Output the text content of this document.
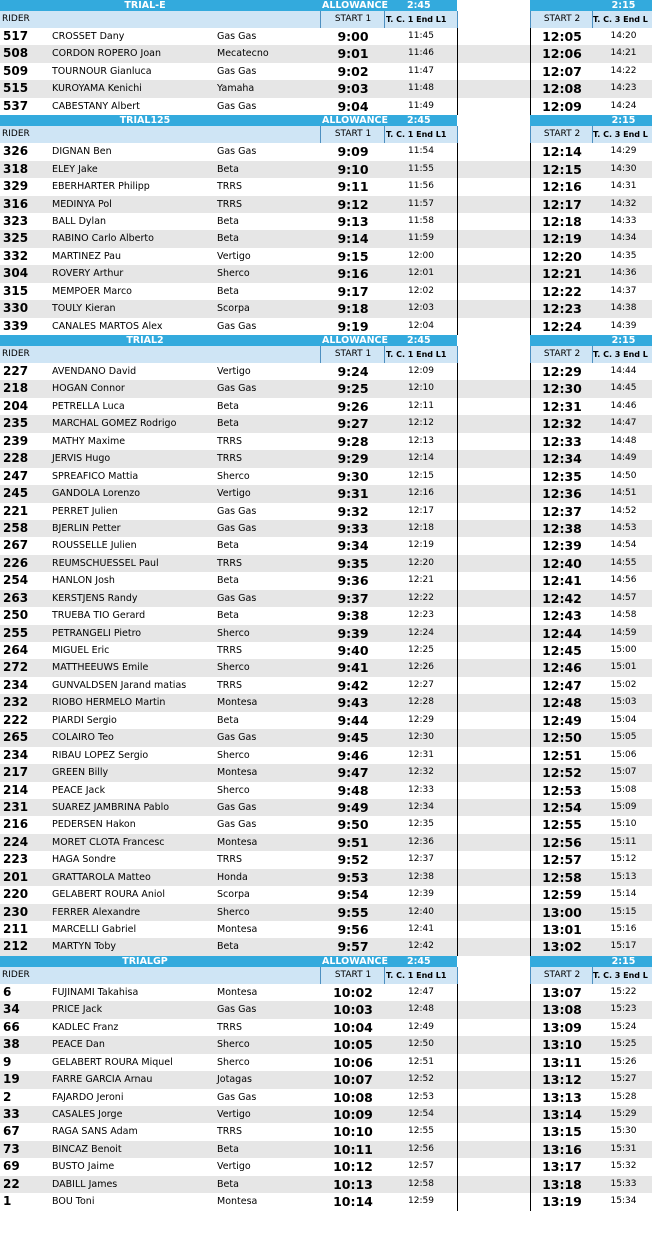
TRIAL-E	ALLOWANCE 2:45	2:15
RIDER	START 1	T. C. 1 End L1	START 2	T. C. 3 End L
517	CROSSET Dany	Gas Gas	9:00	11:45	12:05	14:20
508	CORDON ROPERO Joan	Mecatecno	9:01	11:46	12:06	14:21
509	TOURNOUR Gianluca	Gas Gas	9:02	11:47	12:07	14:22
515	KUROYAMA Kenichi	Yamaha	9:03	11:48	12:08	14:23
537	CABESTANY Albert	Gas Gas	9:04	11:49	12:09	14:24
TRIAL125	ALLOWANCE 2:45	2:15
RIDER	START 1	T. C. 1 End L1	START 2	T. C. 3 End L
326	DIGNAN Ben	Gas Gas	9:09	11:54	12:14	14:29
318	ELEY Jake	Beta	9:10	11:55	12:15	14:30
329	EBERHARTER Philipp	TRRS	9:11	11:56	12:16	14:31
316	MEDINYA Pol	TRRS	9:12	11:57	12:17	14:32
323	BALL Dylan	Beta	9:13	11:58	12:18	14:33
325	RABINO Carlo Alberto	Beta	9:14	11:59	12:19	14:34
332	MARTINEZ Pau	Vertigo	9:15	12:00	12:20	14:35
304	ROVERY Arthur	Sherco	9:16	12:01	12:21	14:36
315	MEMPOER Marco	Beta	9:17	12:02	12:22	14:37
330	TOULY Kieran	Scorpa	9:18	12:03	12:23	14:38
339	CANALES MARTOS Alex	Gas Gas	9:19	12:04	12:24	14:39
TRIAL2	ALLOWANCE 2:45	2:15
RIDER	START 1	T. C. 1 End L1	START 2	T. C. 3 End L
227	AVENDANO David	Vertigo	9:24	12:09	12:29	14:44
218	HOGAN Connor	Gas Gas	9:25	12:10	12:30	14:45
204	PETRELLA Luca	Beta	9:26	12:11	12:31	14:46
235	MARCHAL GOMEZ Rodrigo	Beta	9:27	12:12	12:32	14:47
239	MATHY Maxime	TRRS	9:28	12:13	12:33	14:48
228	JERVIS Hugo	TRRS	9:29	12:14	12:34	14:49
247	SPREAFICO Mattia	Sherco	9:30	12:15	12:35	14:50
245	GANDOLA Lorenzo	Vertigo	9:31	12:16	12:36	14:51
221	PERRET Julien	Gas Gas	9:32	12:17	12:37	14:52
258	BJERLIN Petter	Gas Gas	9:33	12:18	12:38	14:53
267	ROUSSELLE Julien	Beta	9:34	12:19	12:39	14:54
226	REUMSCHUESSEL Paul	TRRS	9:35	12:20	12:40	14:55
254	HANLON Josh	Beta	9:36	12:21	12:41	14:56
263	KERSTJENS Randy	Gas Gas	9:37	12:22	12:42	14:57
250	TRUEBA TIO Gerard	Beta	9:38	12:23	12:43	14:58
255	PETRANGELI Pietro	Sherco	9:39	12:24	12:44	14:59
264	MIGUEL Eric	TRRS	9:40	12:25	12:45	15:00
272	MATTHEEUWS Emile	Sherco	9:41	12:26	12:46	15:01
234	GUNVALDSEN Jarand matias	TRRS	9:42	12:27	12:47	15:02
232	RIOBO HERMELO Martin	Montesa	9:43	12:28	12:48	15:03
222	PIARDI Sergio	Beta	9:44	12:29	12:49	15:04
265	COLAIRO Teo	Gas Gas	9:45	12:30	12:50	15:05
234	RIBAU LOPEZ Sergio	Sherco	9:46	12:31	12:51	15:06
217	GREEN Billy	Montesa	9:47	12:32	12:52	15:07
214	PEACE Jack	Sherco	9:48	12:33	12:53	15:08
231	SUAREZ JAMBRINA Pablo	Gas Gas	9:49	12:34	12:54	15:09
216	PEDERSEN Hakon	Gas Gas	9:50	12:35	12:55	15:10
224	MORET CLOTA Francesc	Montesa	9:51	12:36	12:56	15:11
223	HAGA Sondre	TRRS	9:52	12:37	12:57	15:12
201	GRATTAROLA Matteo	Honda	9:53	12:38	12:58	15:13
220	GELABERT ROURA Aniol	Scorpa	9:54	12:39	12:59	15:14
230	FERRER Alexandre	Sherco	9:55	12:40	13:00	15:15
211	MARCELLI Gabriel	Montesa	9:56	12:41	13:01	15:16
212	MARTYN Toby	Beta	9:57	12:42	13:02	15:17
TRIALGP	ALLOWANCE 2:45	2:15
RIDER	START 1	T. C. 1 End L1	START 2	T. C. 3 End L
6	FUJINAMI Takahisa	Montesa	10:02	12:47	13:07	15:22
34	PRICE Jack	Gas Gas	10:03	12:48	13:08	15:23
66	KADLEC Franz	TRRS	10:04	12:49	13:09	15:24
38	PEACE Dan	Sherco	10:05	12:50	13:10	15:25
9	GELABERT ROURA Miquel	Sherco	10:06	12:51	13:11	15:26
19	FARRE GARCIA Arnau	Jotagas	10:07	12:52	13:12	15:27
2	FAJARDO Jeroni	Gas Gas	10:08	12:53	13:13	15:28
33	CASALES Jorge	Vertigo	10:09	12:54	13:14	15:29
67	RAGA SANS Adam	TRRS	10:10	12:55	13:15	15:30
73	BINCAZ Benoit	Beta	10:11	12:56	13:16	15:31
69	BUSTO Jaime	Vertigo	10:12	12:57	13:17	15:32
22	DABILL James	Beta	10:13	12:58	13:18	15:33
1	BOU Toni	Montesa	10:14	12:59	13:19	15:34
